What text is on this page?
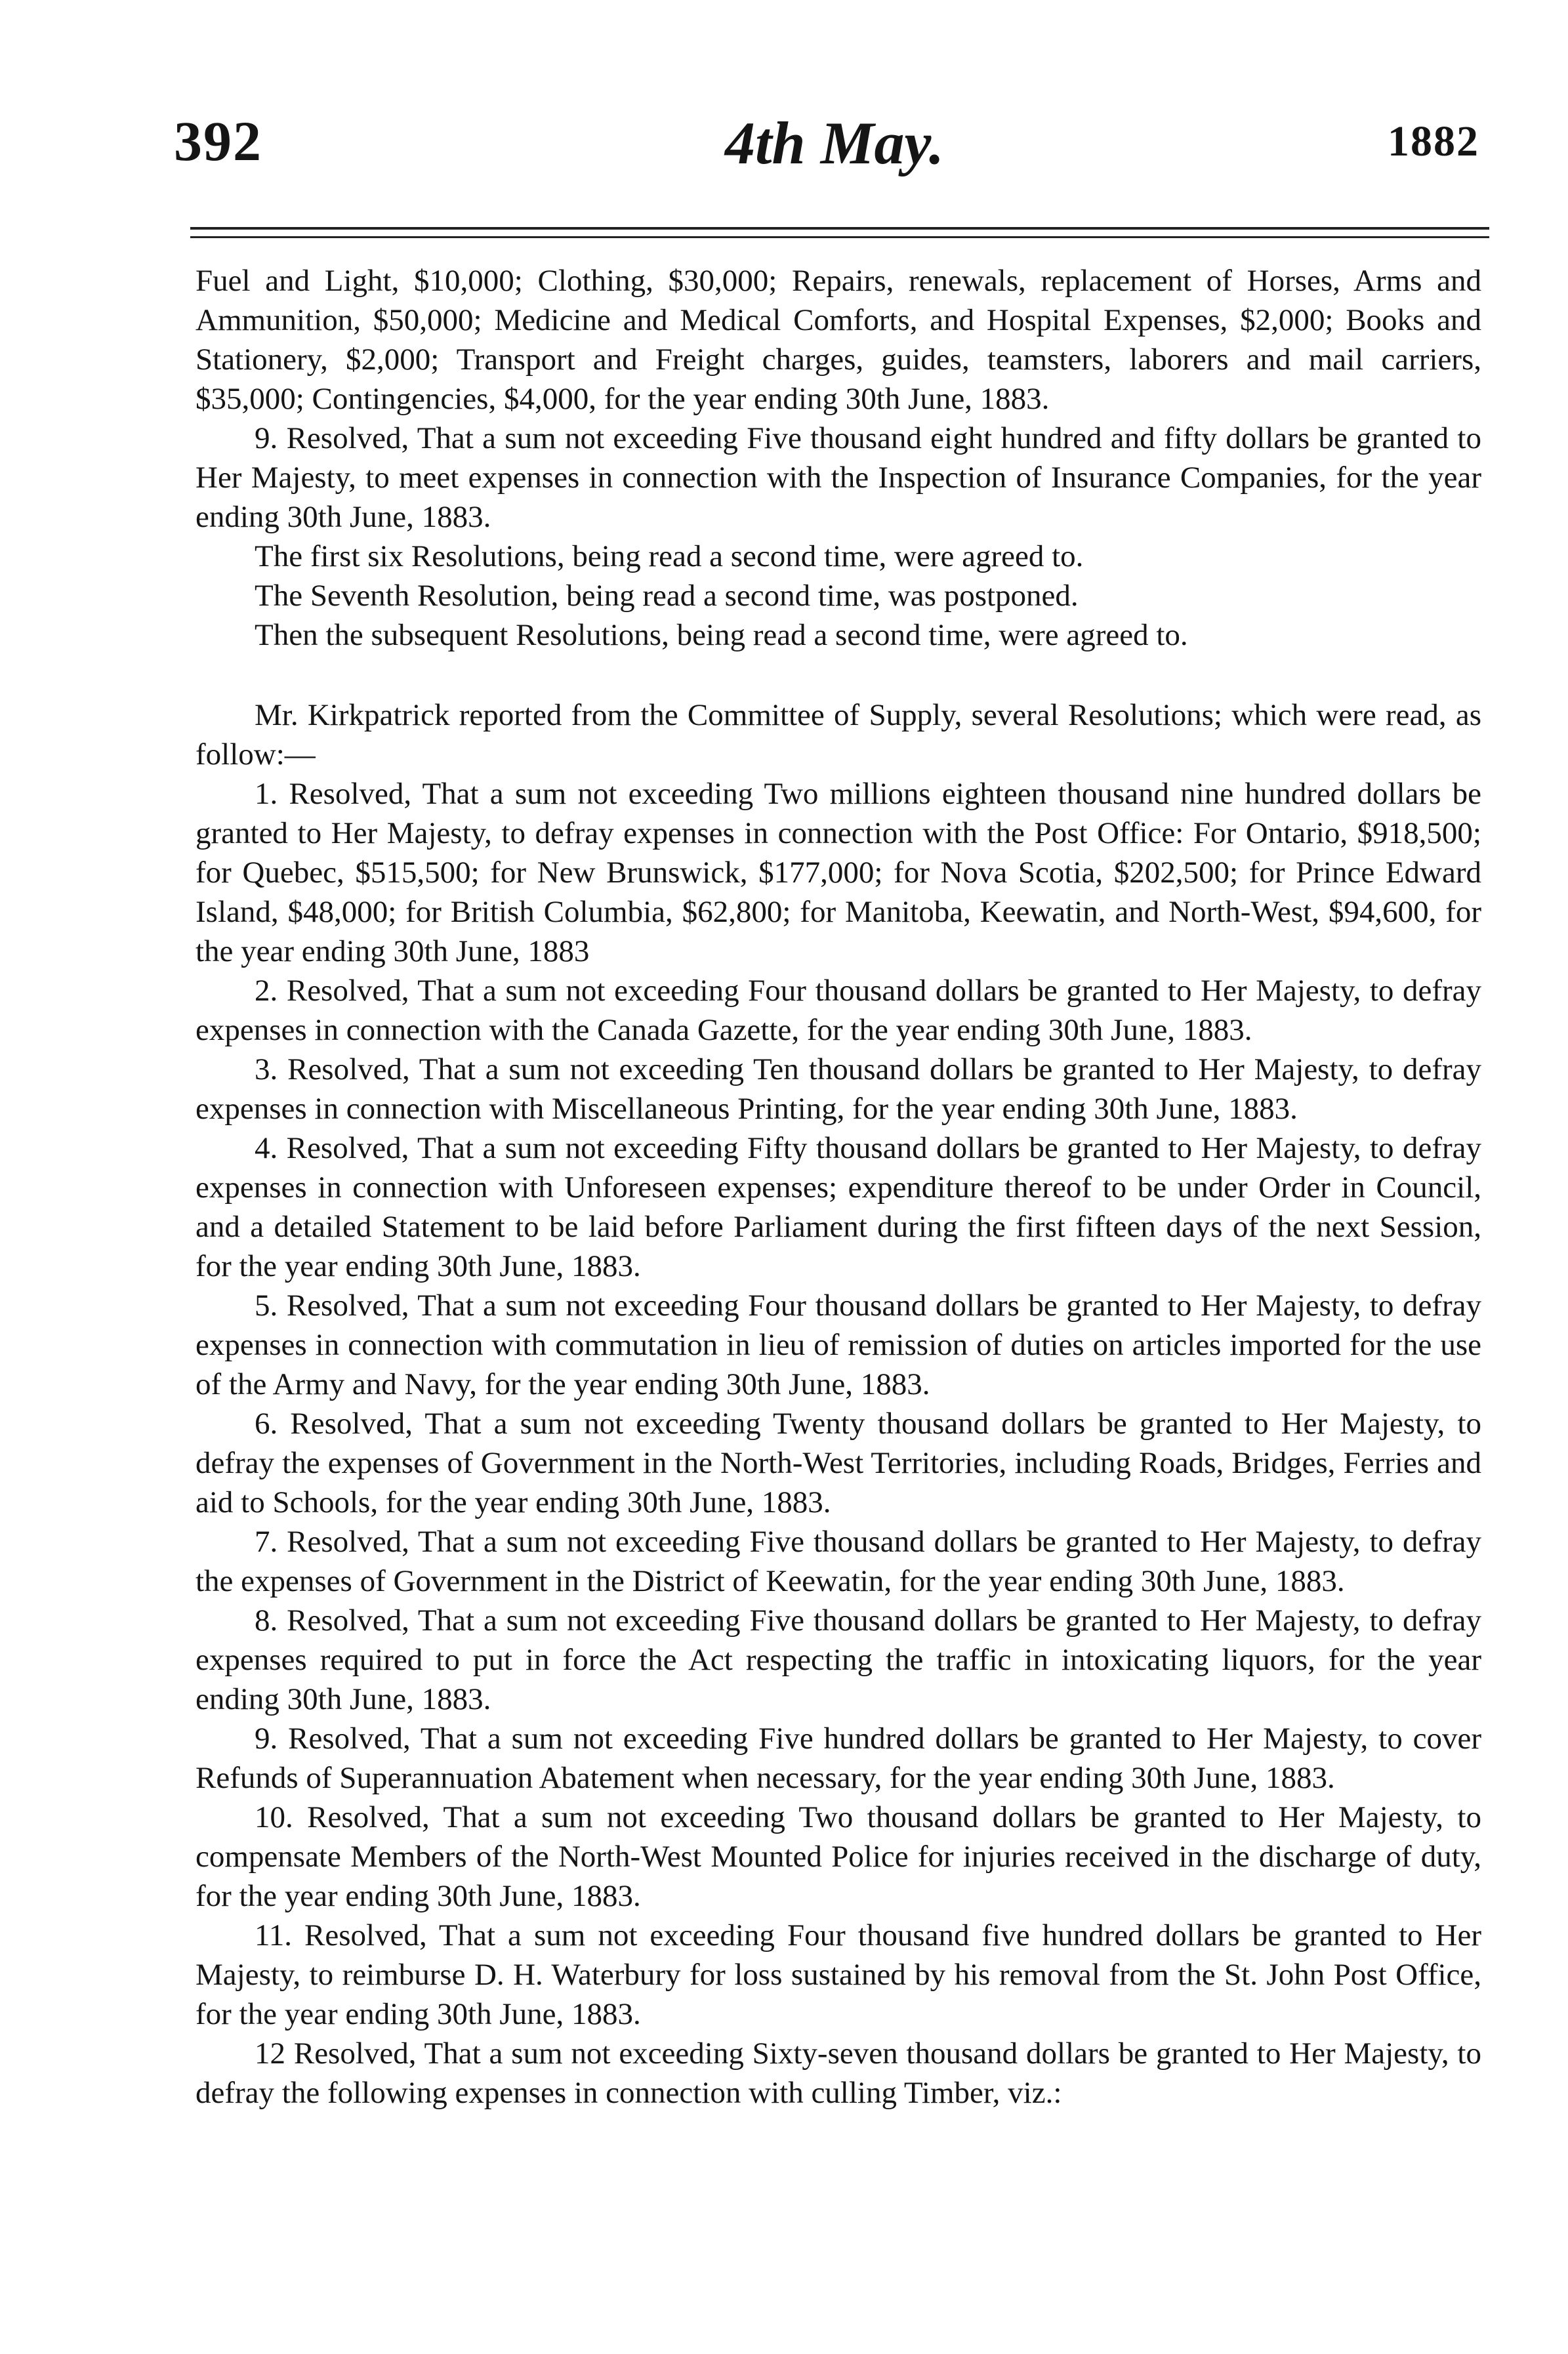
392	4th May.	1882

Fuel and Light, $10,000; Clothing, $30,000; Repairs, renewals, replacement of Horses, Arms and Ammunition, $50,000; Medicine and Medical Comforts, and Hospital Expenses, $2,000; Books and Stationery, $2,000; Transport and Freight charges, guides, teamsters, laborers and mail carriers, $35,000; Contingencies, $4,000, for the year ending 30th June, 1883.

9. Resolved, That a sum not exceeding Five thousand eight hundred and fifty dollars be granted to Her Majesty, to meet expenses in connection with the Inspection of Insurance Companies, for the year ending 30th June, 1883.

The first six Resolutions, being read a second time, were agreed to.

The Seventh Resolution, being read a second time, was postponed.

Then the subsequent Resolutions, being read a second time, were agreed to.

Mr. Kirkpatrick reported from the Committee of Supply, several Resolutions; which were read, as follow:—

1. Resolved, That a sum not exceeding Two millions eighteen thousand nine hundred dollars be granted to Her Majesty, to defray expenses in connection with the Post Office: For Ontario, $918,500; for Quebec, $515,500; for New Brunswick, $177,000; for Nova Scotia, $202,500; for Prince Edward Island, $48,000; for British Columbia, $62,800; for Manitoba, Keewatin, and North-West, $94,600, for the year ending 30th June, 1883

2. Resolved, That a sum not exceeding Four thousand dollars be granted to Her Majesty, to defray expenses in connection with the Canada Gazette, for the year ending 30th June, 1883.

3. Resolved, That a sum not exceeding Ten thousand dollars be granted to Her Majesty, to defray expenses in connection with Miscellaneous Printing, for the year ending 30th June, 1883.

4. Resolved, That a sum not exceeding Fifty thousand dollars be granted to Her Majesty, to defray expenses in connection with Unforeseen expenses; expenditure thereof to be under Order in Council, and a detailed Statement to be laid before Parliament during the first fifteen days of the next Session, for the year ending 30th June, 1883.

5. Resolved, That a sum not exceeding Four thousand dollars be granted to Her Majesty, to defray expenses in connection with commutation in lieu of remission of duties on articles imported for the use of the Army and Navy, for the year ending 30th June, 1883.

6. Resolved, That a sum not exceeding Twenty thousand dollars be granted to Her Majesty, to defray the expenses of Government in the North-West Territories, including Roads, Bridges, Ferries and aid to Schools, for the year ending 30th June, 1883.

7. Resolved, That a sum not exceeding Five thousand dollars be granted to Her Majesty, to defray the expenses of Government in the District of Keewatin, for the year ending 30th June, 1883.

8. Resolved, That a sum not exceeding Five thousand dollars be granted to Her Majesty, to defray expenses required to put in force the Act respecting the traffic in intoxicating liquors, for the year ending 30th June, 1883.

9. Resolved, That a sum not exceeding Five hundred dollars be granted to Her Majesty, to cover Refunds of Superannuation Abatement when necessary, for the year ending 30th June, 1883.

10. Resolved, That a sum not exceeding Two thousand dollars be granted to Her Majesty, to compensate Members of the North-West Mounted Police for injuries received in the discharge of duty, for the year ending 30th June, 1883.

11. Resolved, That a sum not exceeding Four thousand five hundred dollars be granted to Her Majesty, to reimburse D. H. Waterbury for loss sustained by his removal from the St. John Post Office, for the year ending 30th June, 1883.

12 Resolved, That a sum not exceeding Sixty-seven thousand dollars be granted to Her Majesty, to defray the following expenses in connection with culling Timber, viz.:
